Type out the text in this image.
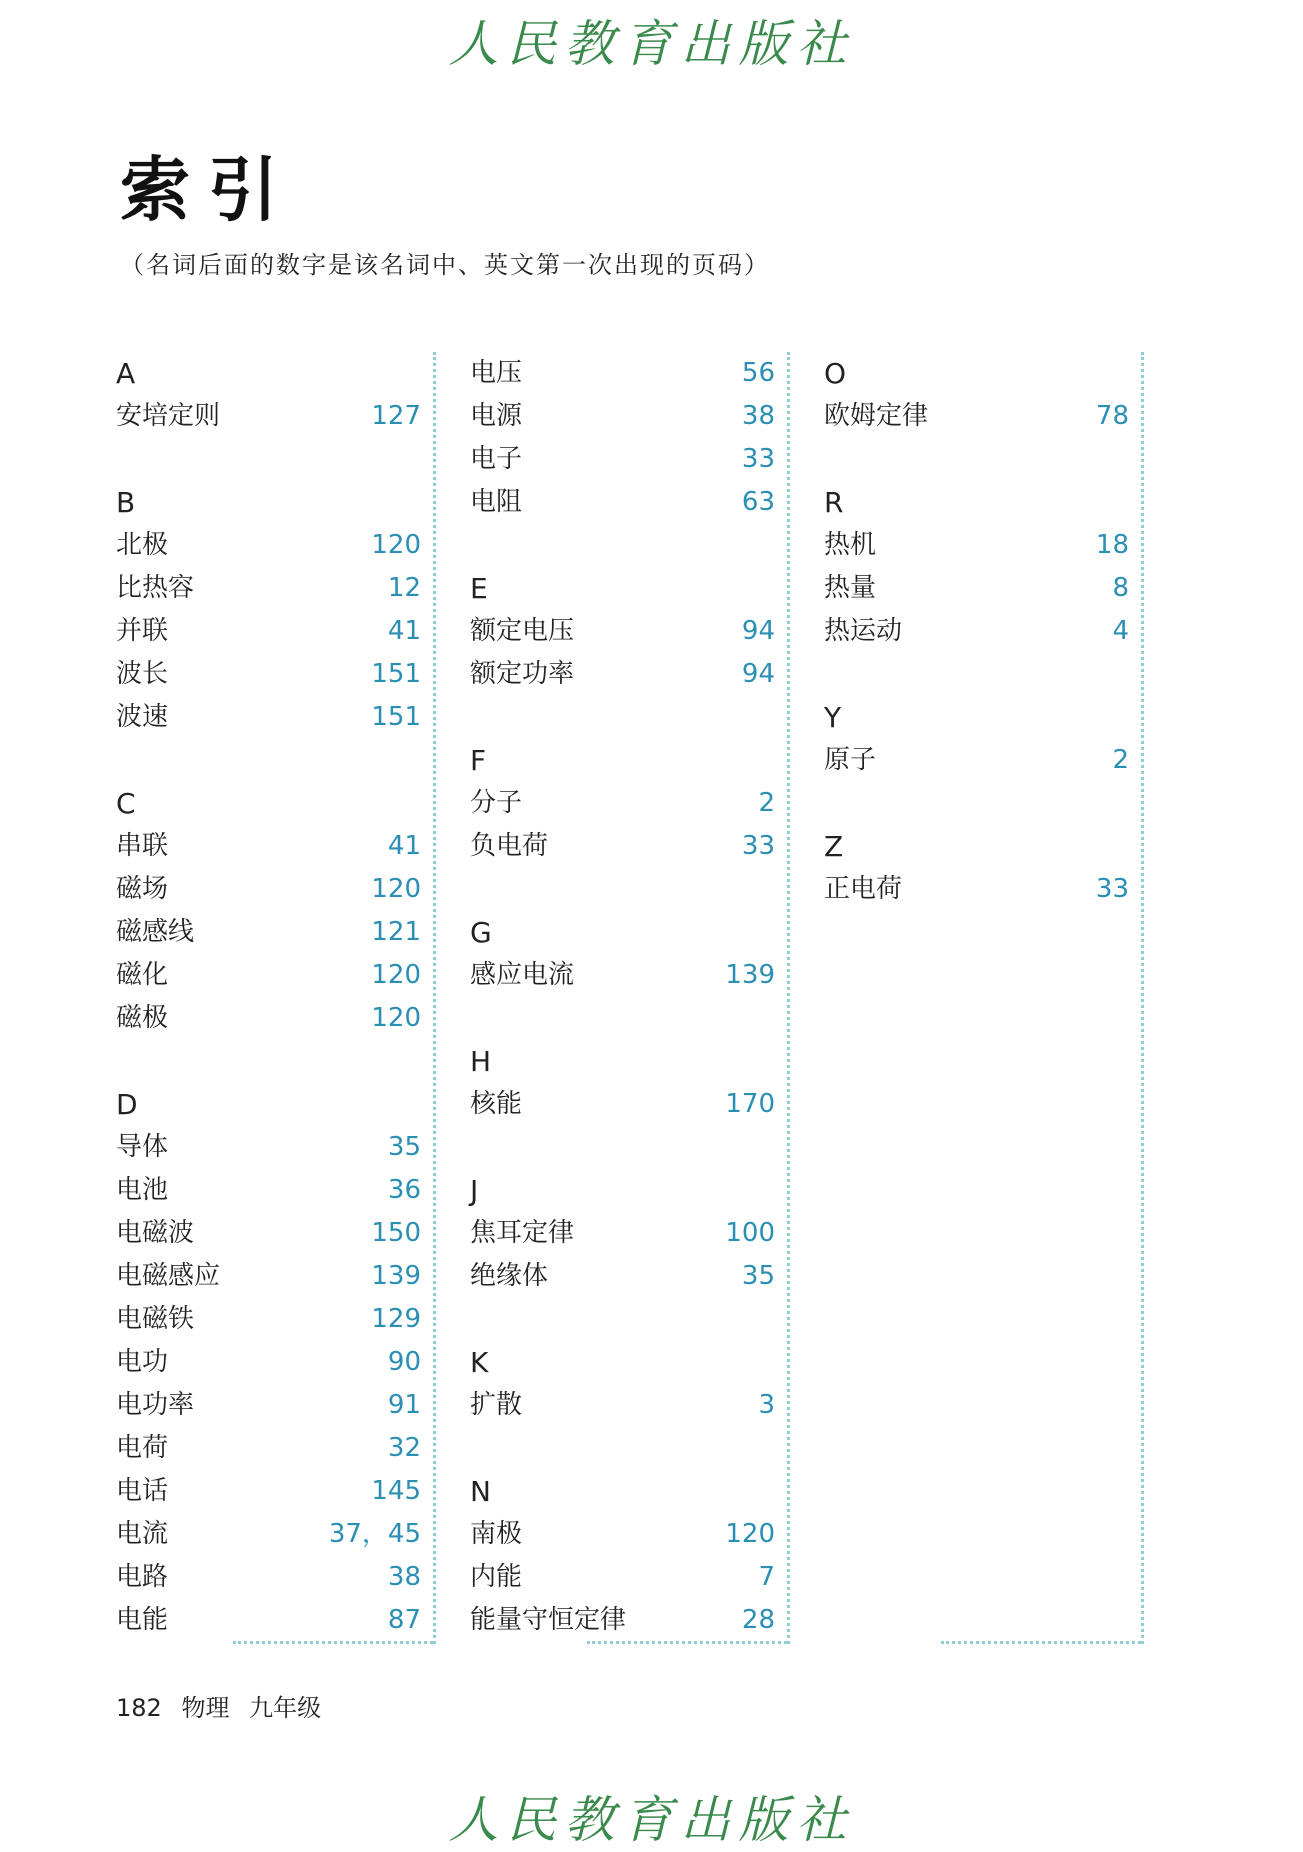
人民教育出版社
索引
（名词后面的数字是该名词中、英文第一次出现的页码）
A
安培定则	127
B
北极	120
比热容	12
并联	41
波长	151
波速	151
C
串联	41
磁场	120
磁感线	121
磁化	120
磁极	120
D
导体	35
电池	36
电磁波	150
电磁感应	139
电磁铁	129
电功	90
电功率	91
电荷	32
电话	145
电流	37，45
电路	38
电能	87
电压	56
电源	38
电子	33
电阻	63
E
额定电压	94
额定功率	94
F
分子	2
负电荷	33
G
感应电流	139
H
核能	170
J
焦耳定律	100
绝缘体	35
K
扩散	3
N
南极	120
内能	7
能量守恒定律	28
O
欧姆定律	78
R
热机	18
热量	8
热运动	4
Y
原子	2
Z
正电荷	33
182 物理 九年级
人民教育出版社
